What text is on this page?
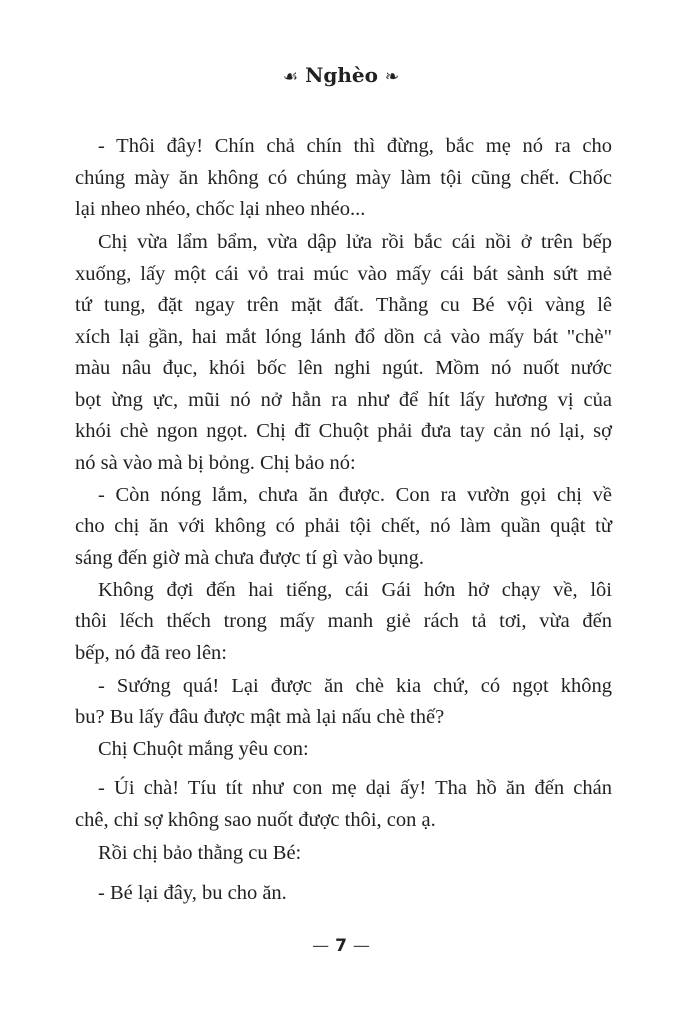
☙ Nghèo ❧
- Thôi đây! Chín chả chín thì đừng, bắc mẹ nó ra cho
chúng mày ăn không có chúng mày làm tội cũng chết. Chốc
lại nheo nhéo, chốc lại nheo nhéo...
Chị vừa lẩm bẩm, vừa dập lửa rồi bắc cái nồi ở trên bếp
xuống, lấy một cái vỏ trai múc vào mấy cái bát sành sứt mẻ
tứ tung, đặt ngay trên mặt đất. Thằng cu Bé vội vàng lê
xích lại gần, hai mắt lóng lánh đổ dồn cả vào mấy bát "chè"
màu nâu đục, khói bốc lên nghi ngút. Mồm nó nuốt nước
bọt ừng ực, mũi nó nở hẳn ra như để hít lấy hương vị của
khói chè ngon ngọt. Chị đĩ Chuột phải đưa tay cản nó lại, sợ
nó sà vào mà bị bỏng. Chị bảo nó:
- Còn nóng lắm, chưa ăn được. Con ra vườn gọi chị về
cho chị ăn với không có phải tội chết, nó làm quần quật từ
sáng đến giờ mà chưa được tí gì vào bụng.
Không đợi đến hai tiếng, cái Gái hớn hở chạy về, lôi
thôi lếch thếch trong mấy manh giẻ rách tả tơi, vừa đến
bếp, nó đã reo lên:
- Sướng quá! Lại được ăn chè kia chứ, có ngọt không
bu? Bu lấy đâu được mật mà lại nấu chè thế?
Chị Chuột mắng yêu con:
- Úi chà! Tíu tít như con mẹ dại ấy! Tha hồ ăn đến chán
chê, chỉ sợ không sao nuốt được thôi, con ạ.
Rồi chị bảo thằng cu Bé:
- Bé lại đây, bu cho ăn.
— 7 —
